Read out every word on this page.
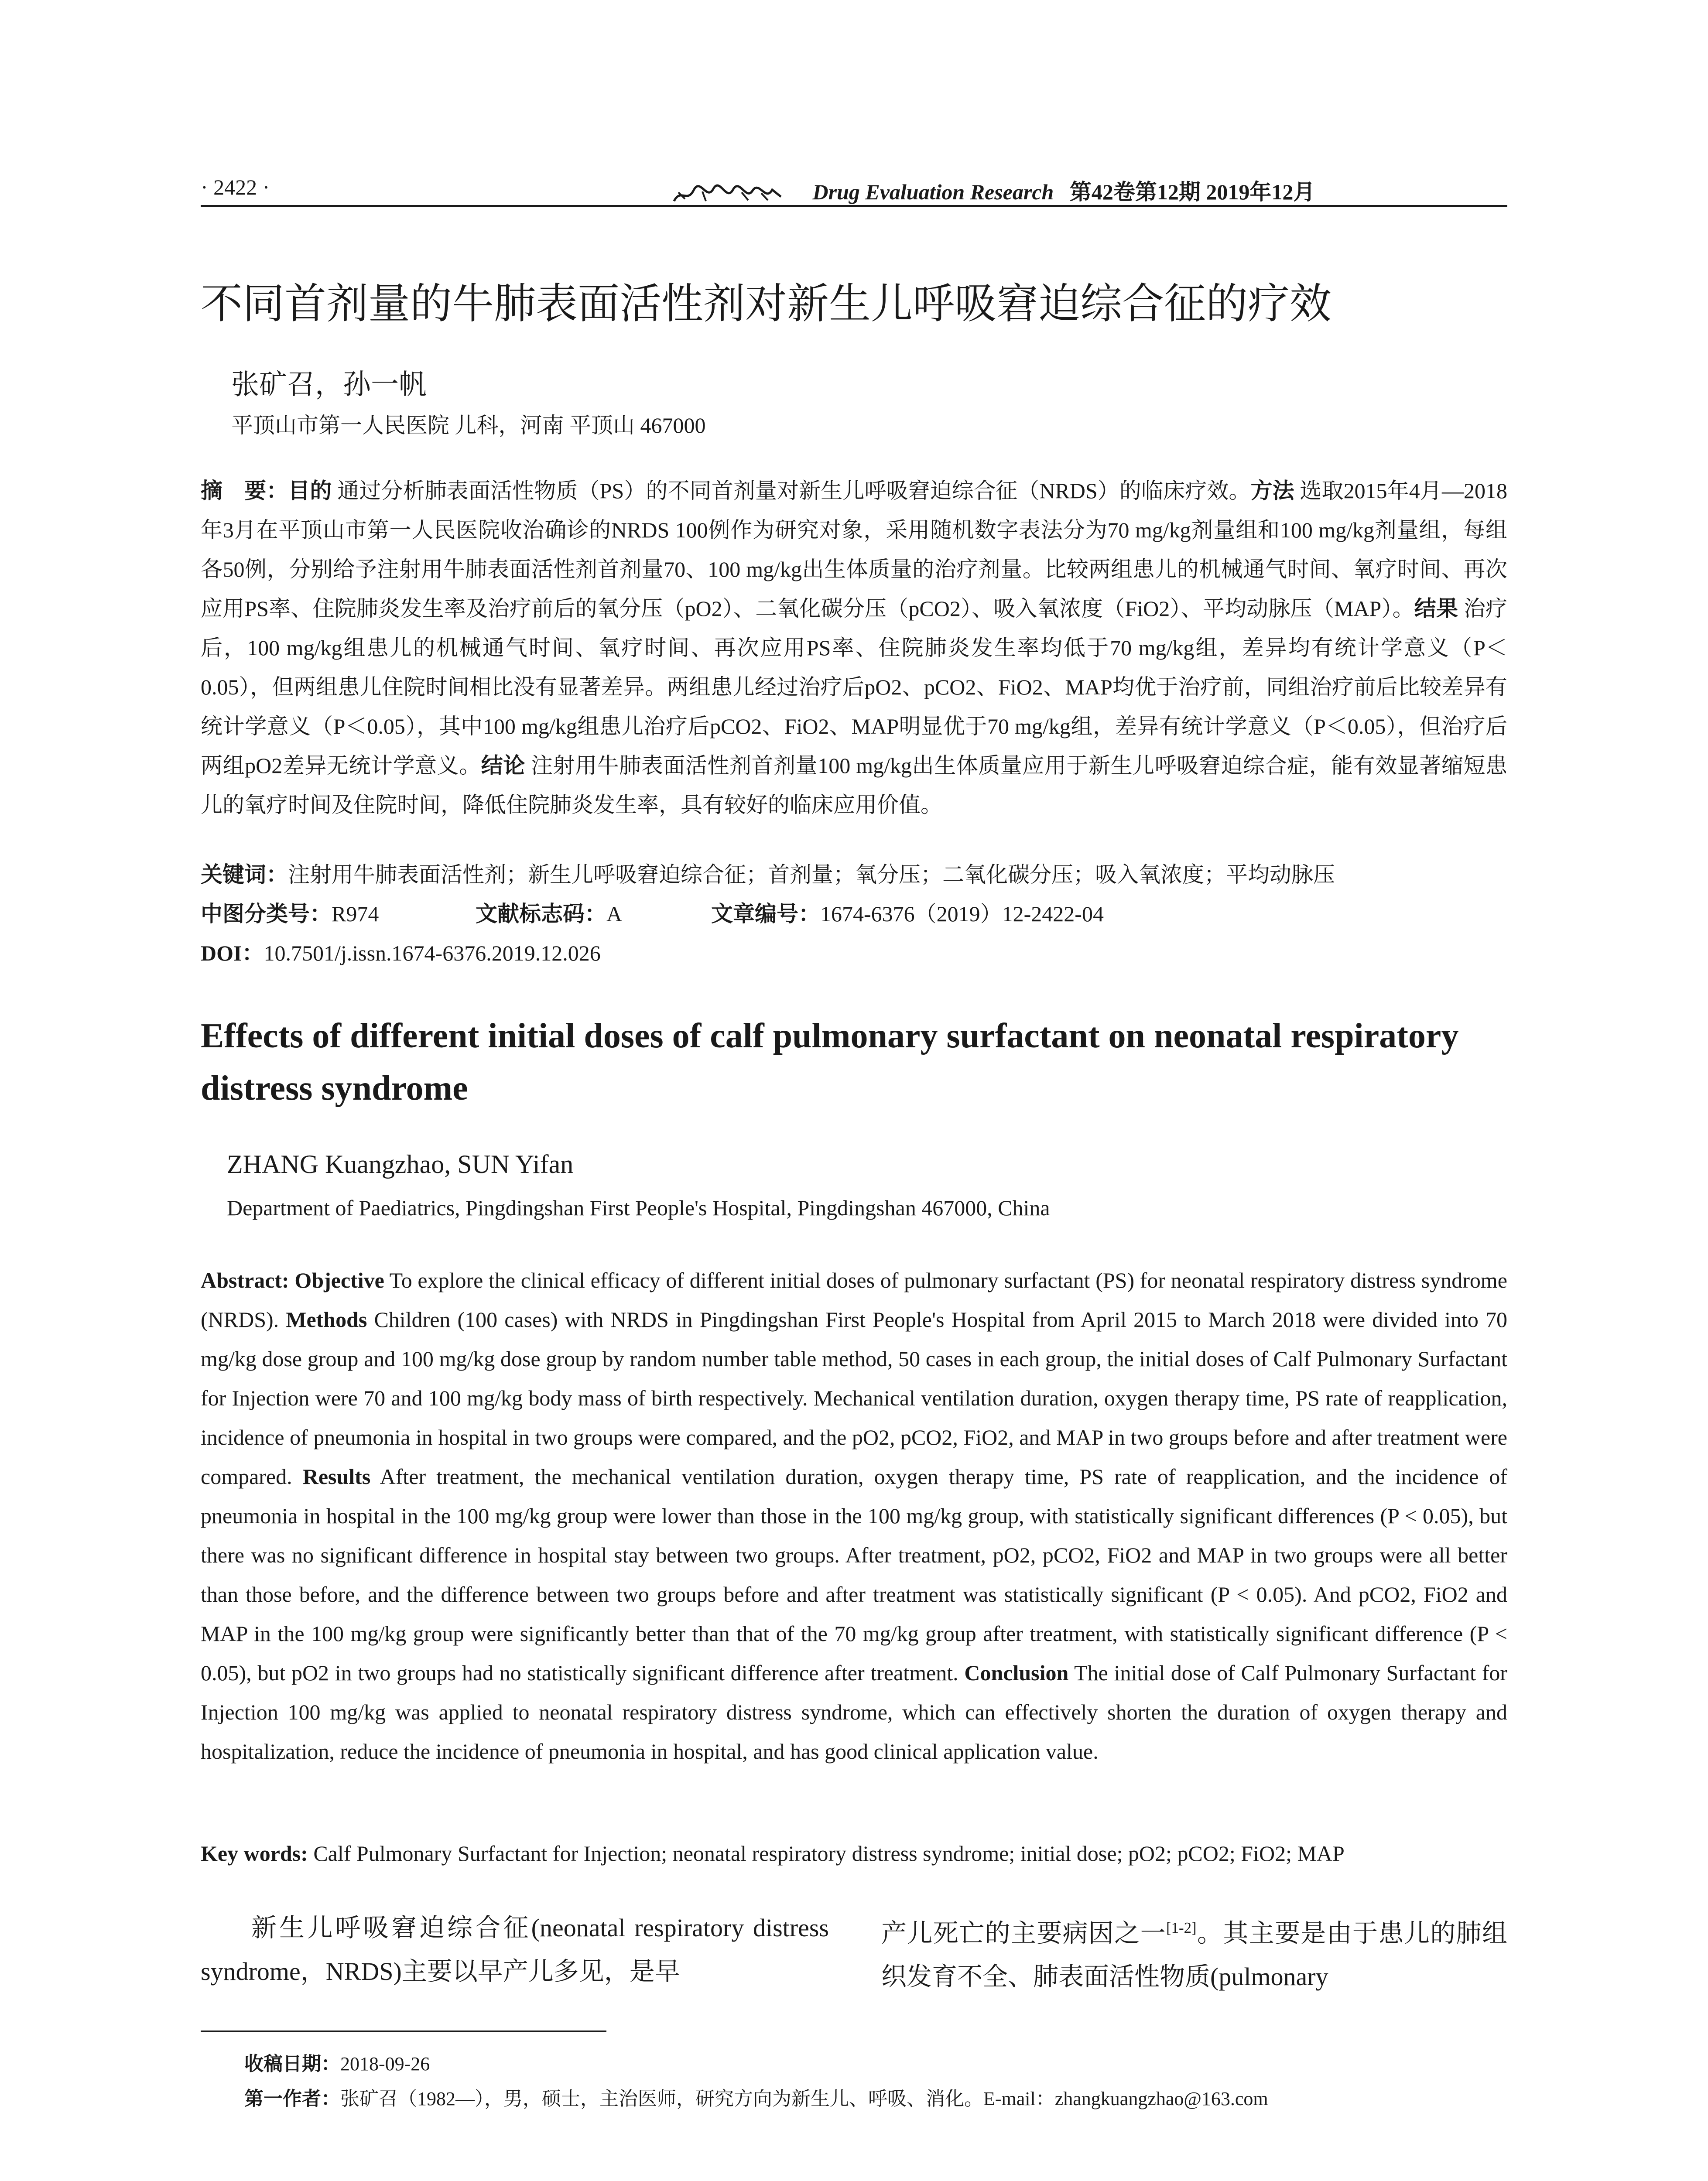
· 2422 ·	Drug Evaluation Research 第42卷第12期 2019年12月
不同首剂量的牛肺表面活性剂对新生儿呼吸窘迫综合征的疗效
张矿召，孙一帆
平顶山市第一人民医院 儿科，河南 平顶山 467000
摘　要：目的 通过分析肺表面活性物质（PS）的不同首剂量对新生儿呼吸窘迫综合征（NRDS）的临床疗效。方法 选取2015年4月—2018年3月在平顶山市第一人民医院收治确诊的NRDS 100例作为研究对象，采用随机数字表法分为70 mg/kg剂量组和100 mg/kg剂量组，每组各50例，分别给予注射用牛肺表面活性剂首剂量70、100 mg/kg出生体质量的治疗剂量。比较两组患儿的机械通气时间、氧疗时间、再次应用PS率、住院肺炎发生率及治疗前后的氧分压（pO2）、二氧化碳分压（pCO2）、吸入氧浓度（FiO2）、平均动脉压（MAP）。结果 治疗后，100 mg/kg组患儿的机械通气时间、氧疗时间、再次应用PS率、住院肺炎发生率均低于70 mg/kg组，差异均有统计学意义（P＜0.05），但两组患儿住院时间相比没有显著差异。两组患儿经过治疗后pO2、pCO2、FiO2、MAP均优于治疗前，同组治疗前后比较差异有统计学意义（P＜0.05），其中100 mg/kg组患儿治疗后pCO2、FiO2、MAP明显优于70 mg/kg组，差异有统计学意义（P＜0.05），但治疗后两组pO2差异无统计学意义。结论 注射用牛肺表面活性剂首剂量100 mg/kg出生体质量应用于新生儿呼吸窘迫综合症，能有效显著缩短患儿的氧疗时间及住院时间，降低住院肺炎发生率，具有较好的临床应用价值。
关键词：注射用牛肺表面活性剂；新生儿呼吸窘迫综合征；首剂量；氧分压；二氧化碳分压；吸入氧浓度；平均动脉压
中图分类号：R974	文献标志码：A	文章编号：1674-6376（2019）12-2422-04
DOI：10.7501/j.issn.1674-6376.2019.12.026
Effects of different initial doses of calf pulmonary surfactant on neonatal respiratory distress syndrome
ZHANG Kuangzhao, SUN Yifan
Department of Paediatrics, Pingdingshan First People's Hospital, Pingdingshan 467000, China
Abstract: Objective To explore the clinical efficacy of different initial doses of pulmonary surfactant (PS) for neonatal respiratory distress syndrome (NRDS). Methods Children (100 cases) with NRDS in Pingdingshan First People's Hospital from April 2015 to March 2018 were divided into 70 mg/kg dose group and 100 mg/kg dose group by random number table method, 50 cases in each group, the initial doses of Calf Pulmonary Surfactant for Injection were 70 and 100 mg/kg body mass of birth respectively. Mechanical ventilation duration, oxygen therapy time, PS rate of reapplication, incidence of pneumonia in hospital in two groups were compared, and the pO2, pCO2, FiO2, and MAP in two groups before and after treatment were compared. Results After treatment, the mechanical ventilation duration, oxygen therapy time, PS rate of reapplication, and the incidence of pneumonia in hospital in the 100 mg/kg group were lower than those in the 100 mg/kg group, with statistically significant differences (P < 0.05), but there was no significant difference in hospital stay between two groups. After treatment, pO2, pCO2, FiO2 and MAP in two groups were all better than those before, and the difference between two groups before and after treatment was statistically significant (P < 0.05). And pCO2, FiO2 and MAP in the 100 mg/kg group were significantly better than that of the 70 mg/kg group after treatment, with statistically significant difference (P < 0.05), but pO2 in two groups had no statistically significant difference after treatment. Conclusion The initial dose of Calf Pulmonary Surfactant for Injection 100 mg/kg was applied to neonatal respiratory distress syndrome, which can effectively shorten the duration of oxygen therapy and hospitalization, reduce the incidence of pneumonia in hospital, and has good clinical application value.
Key words: Calf Pulmonary Surfactant for Injection; neonatal respiratory distress syndrome; initial dose; pO2; pCO2; FiO2; MAP
新生儿呼吸窘迫综合征(neonatal respiratory distress syndrome，NRDS)主要以早产儿多见，是早
产儿死亡的主要病因之一[1-2]。其主要是由于患儿的肺组织发育不全、肺表面活性物质(pulmonary
收稿日期：2018-09-26
第一作者：张矿召（1982—），男，硕士，主治医师，研究方向为新生儿、呼吸、消化。E-mail：zhangkuangzhao@163.com
